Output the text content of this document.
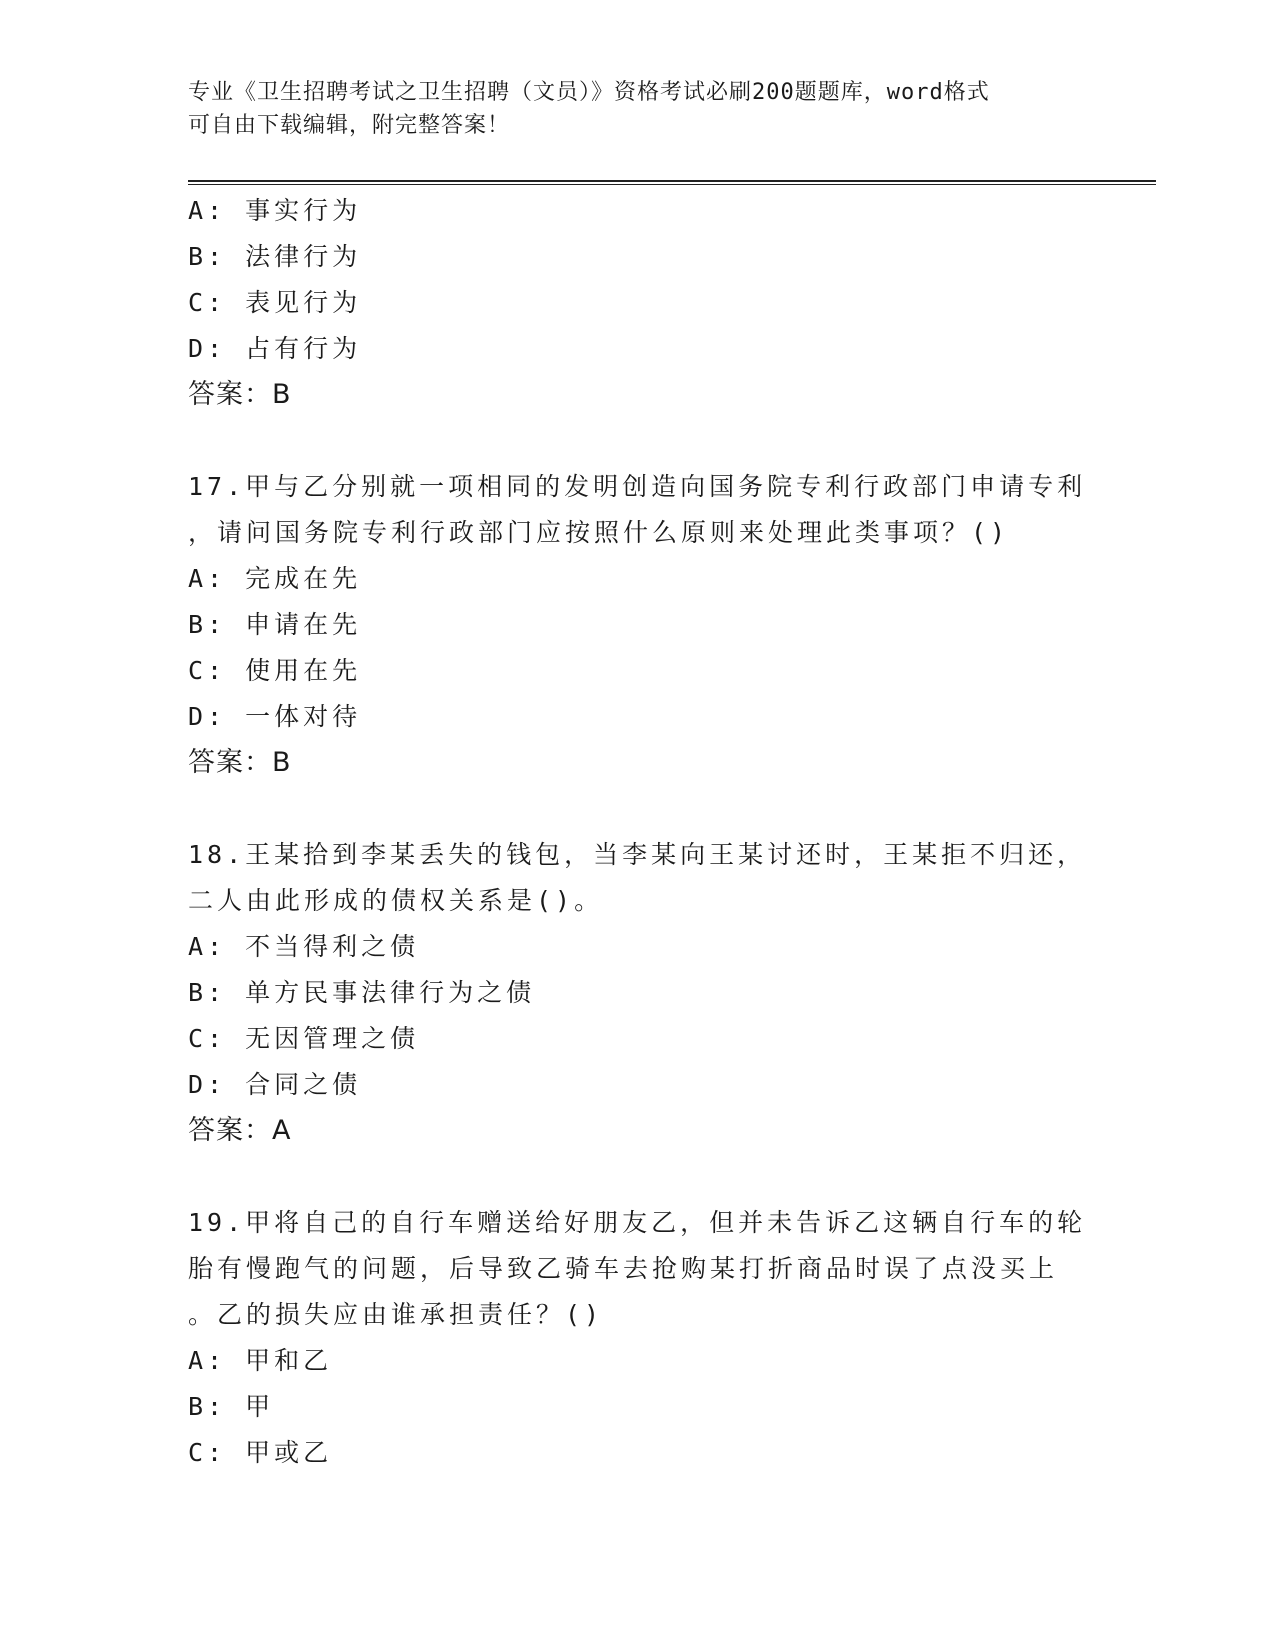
专业《卫生招聘考试之卫生招聘（文员）》资格考试必刷200题题库，word格式
可自由下载编辑，附完整答案！
A: 事实行为
B: 法律行为
C: 表见行为
D: 占有行为
答案：B
17.甲与乙分别就一项相同的发明创造向国务院专利行政部门申请专利
，请问国务院专利行政部门应按照什么原则来处理此类事项？()
A: 完成在先
B: 申请在先
C: 使用在先
D: 一体对待
答案：B
18.王某拾到李某丢失的钱包，当李某向王某讨还时，王某拒不归还，
二人由此形成的债权关系是()。
A: 不当得利之债
B: 单方民事法律行为之债
C: 无因管理之债
D: 合同之债
答案：A
19.甲将自己的自行车赠送给好朋友乙，但并未告诉乙这辆自行车的轮
胎有慢跑气的问题，后导致乙骑车去抢购某打折商品时误了点没买上
。乙的损失应由谁承担责任？()
A: 甲和乙
B: 甲
C: 甲或乙
